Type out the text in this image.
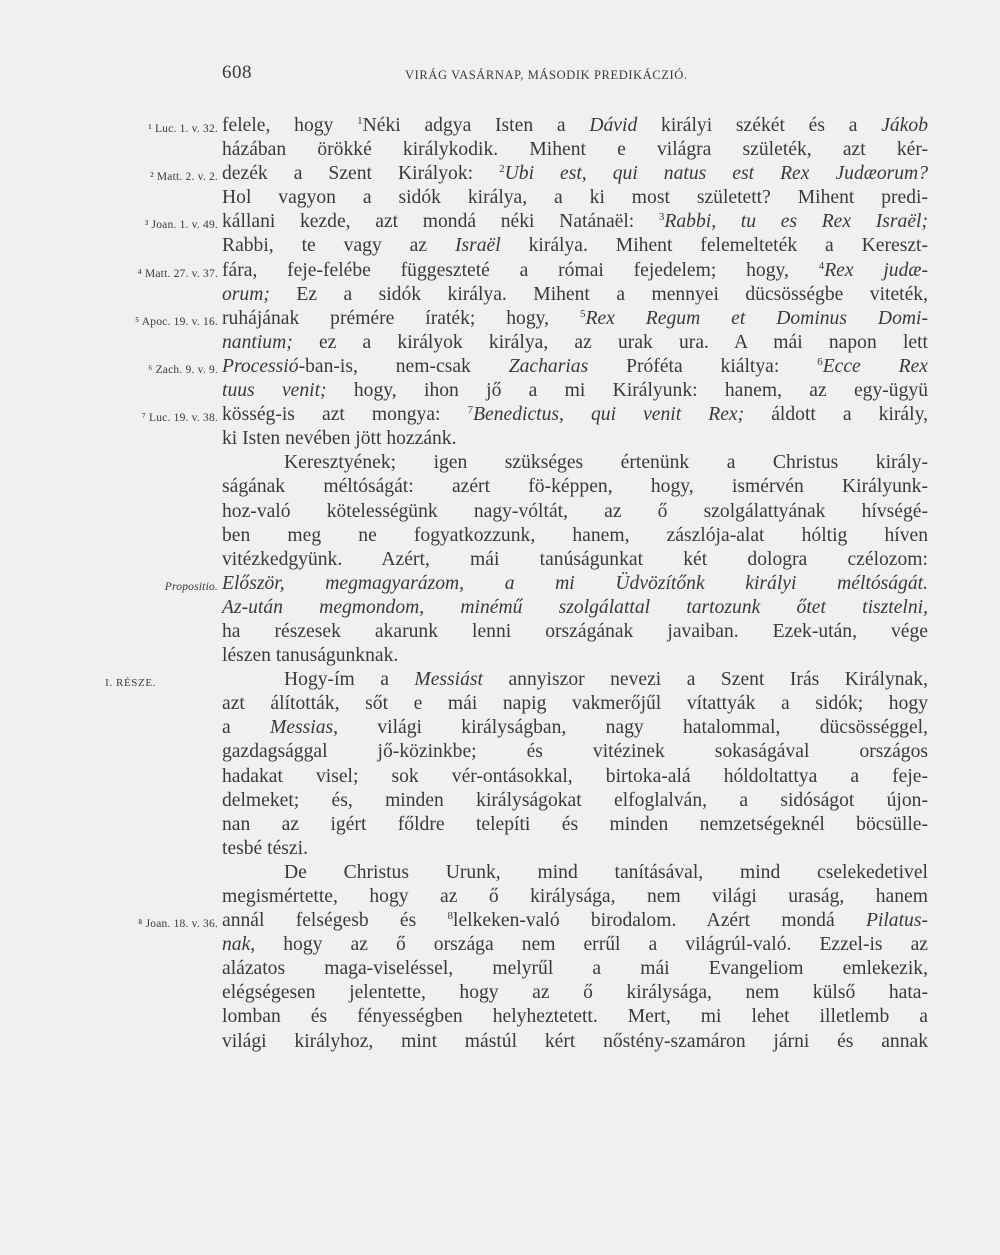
608	VIRÁG VASÁRNAP, MÁSODIK PREDIKÁCZIÓ.
¹ Luc. 1. v. 32. felele, hogy $^1$Néki adgya Isten a Dávid királyi székét és a Jákob
házában örökké királykodik. Mihent e világra születék, azt kér-
² Matt. 2. v. 2. dezék a Szent Királyok: $^2$Ubi est, qui natus est Rex Judæorum?
Hol vagyon a sidók királya, a ki most született? Mihent predi-
³ Joan. 1. v. 49. kállani kezde, azt mondá néki Natánaël: $^3$Rabbi, tu es Rex Israël;
Rabbi, te vagy az Israël királya. Mihent felemelteték a Kereszt-
⁴ Matt. 27. v. 37. fára, feje-felébe függeszteté a római fejedelem; hogy, $^4$Rex judæ-
orum; Ez a sidók királya. Mihent a mennyei dücsösségbe viteték,
⁵ Apoc. 19. v. 16. ruhájának prémére íraték; hogy, $^5$Rex Regum et Dominus Domi-
nantium; ez a királyok királya, az urak ura. A mái napon lett
⁶ Zach. 9. v. 9. Processió-ban-is, nem-csak Zacharias Próféta kiáltya: $^6$Ecce Rex
tuus venit; hogy, ihon jő a mi Királyunk: hanem, az egy-ügyü
⁷ Luc. 19. v. 38. kösség-is azt mongya: $^7$Benedictus, qui venit Rex; áldott a király,
ki Isten nevében jött hozzánk.
Keresztyének; igen szükséges értenünk a Christus király-
ságának méltóságát: azért fö-képpen, hogy, ismérvén Királyunk-
hoz-való kötelességünk nagy-vóltát, az ő szolgálattyának hívségé-
ben meg ne fogyatkozzunk, hanem, zászlója-alat hóltig híven
vitézkedgyünk. Azért, mái tanúságunkat két dologra czélozom:
Propositio. Először, megmagyarázom, a mi Üdvözítőnk királyi méltóságát.
Az-után megmondom, minémű szolgálattal tartozunk őtet tisztelni,
ha részesek akarunk lenni országának javaiban. Ezek-után, vége
lészen tanuságunknak.
I. RÉSZE.	Hogy-ím a Messiást annyiszor nevezi a Szent Irás Királynak,
azt álították, sőt e mái napig vakmerőjűl vítattyák a sidók; hogy
a Messias, világi királyságban, nagy hatalommal, dücsösséggel,
gazdagsággal jő-közinkbe; és vitézinek sokaságával országos
hadakat visel; sok vér-ontásokkal, birtoka-alá hóldoltattya a feje-
delmeket; és, minden királyságokat elfoglalván, a sidóságot újon-
nan az igért főldre telepíti és minden nemzetségeknél böcsülle-
tesbé tészi.
De Christus Urunk, mind tanításával, mind cselekedetivel
megismértette, hogy az ő királysága, nem világi uraság, hanem
⁸ Joan. 18. v. 36. annál felségesb és $^8$lelkeken-való birodalom. Azért mondá Pilatus-
nak, hogy az ő országa nem errűl a világrúl-való. Ezzel-is az
alázatos maga-viseléssel, melyrűl a mái Evangeliom emlekezik,
elégségesen jelentette, hogy az ő királysága, nem külső hata-
lomban és fényességben helyheztetett. Mert, mi lehet illetlemb a
világi királyhoz, mint mástúl kért nőstény-szamáron járni és annak
